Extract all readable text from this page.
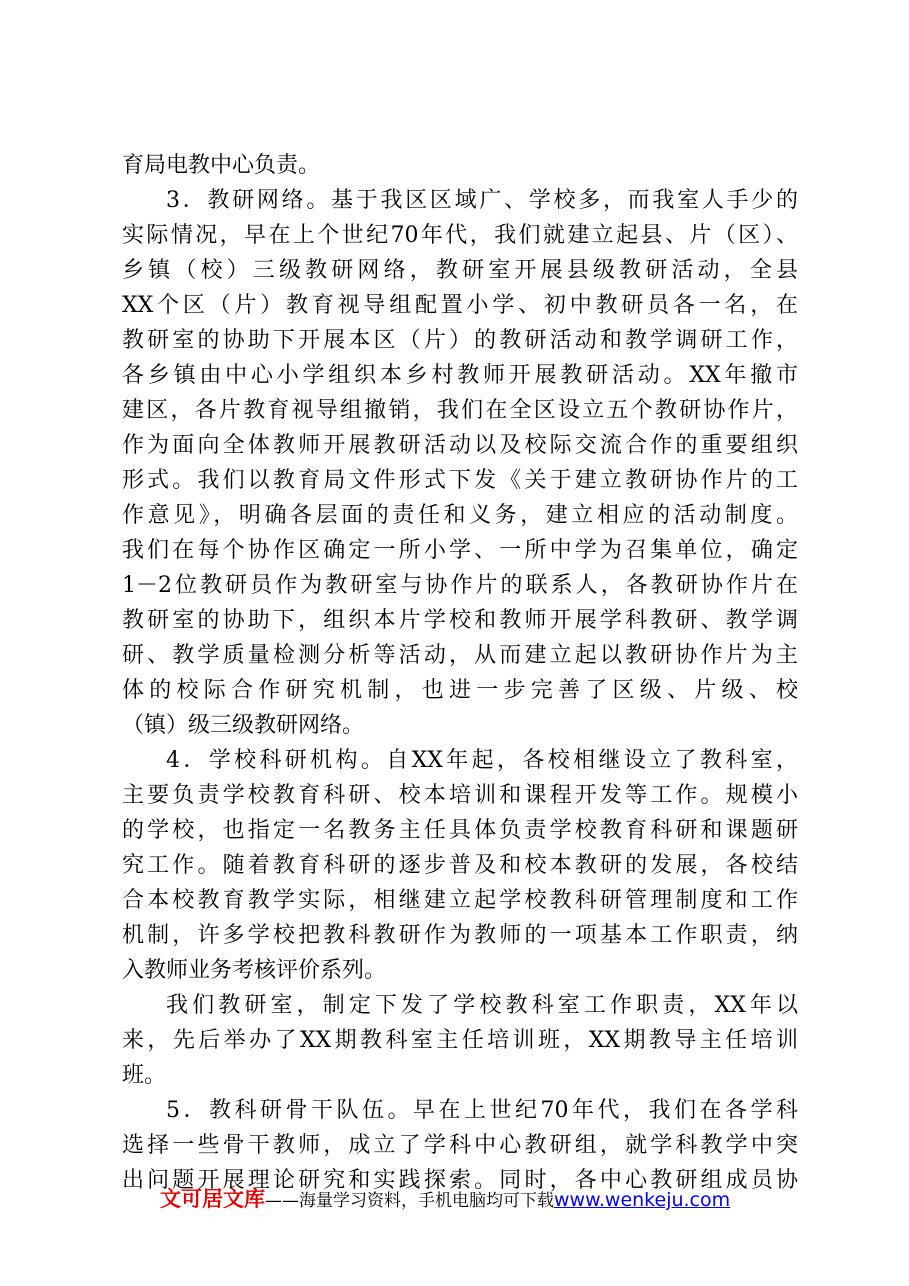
育局电教中心负责。
3．教研网络。基于我区区域广、学校多，而我室人手少的
实际情况，早在上个世纪70年代，我们就建立起县、片（区）、
乡镇（校）三级教研网络，教研室开展县级教研活动，全县
XX个区（片）教育视导组配置小学、初中教研员各一名，在
教研室的协助下开展本区（片）的教研活动和教学调研工作，
各乡镇由中心小学组织本乡村教师开展教研活动。XX年撤市
建区，各片教育视导组撤销，我们在全区设立五个教研协作片，
作为面向全体教师开展教研活动以及校际交流合作的重要组织
形式。我们以教育局文件形式下发《关于建立教研协作片的工
作意见》，明确各层面的责任和义务，建立相应的活动制度。
我们在每个协作区确定一所小学、一所中学为召集单位，确定
1－2位教研员作为教研室与协作片的联系人，各教研协作片在
教研室的协助下，组织本片学校和教师开展学科教研、教学调
研、教学质量检测分析等活动，从而建立起以教研协作片为主
体的校际合作研究机制，也进一步完善了区级、片级、校
（镇）级三级教研网络。
4．学校科研机构。自XX年起，各校相继设立了教科室，
主要负责学校教育科研、校本培训和课程开发等工作。规模小
的学校，也指定一名教务主任具体负责学校教育科研和课题研
究工作。随着教育科研的逐步普及和校本教研的发展，各校结
合本校教育教学实际，相继建立起学校教科研管理制度和工作
机制，许多学校把教科教研作为教师的一项基本工作职责，纳
入教师业务考核评价系列。
我们教研室，制定下发了学校教科室工作职责，XX年以
来，先后举办了XX期教科室主任培训班，XX期教导主任培训
班。
5．教科研骨干队伍。早在上世纪70年代，我们在各学科
选择一些骨干教师，成立了学科中心教研组，就学科教学中突
出问题开展理论研究和实践探索。同时，各中心教研组成员协
文可居文库——海量学习资料，手机电脑均可下载www.wenkeju.com
